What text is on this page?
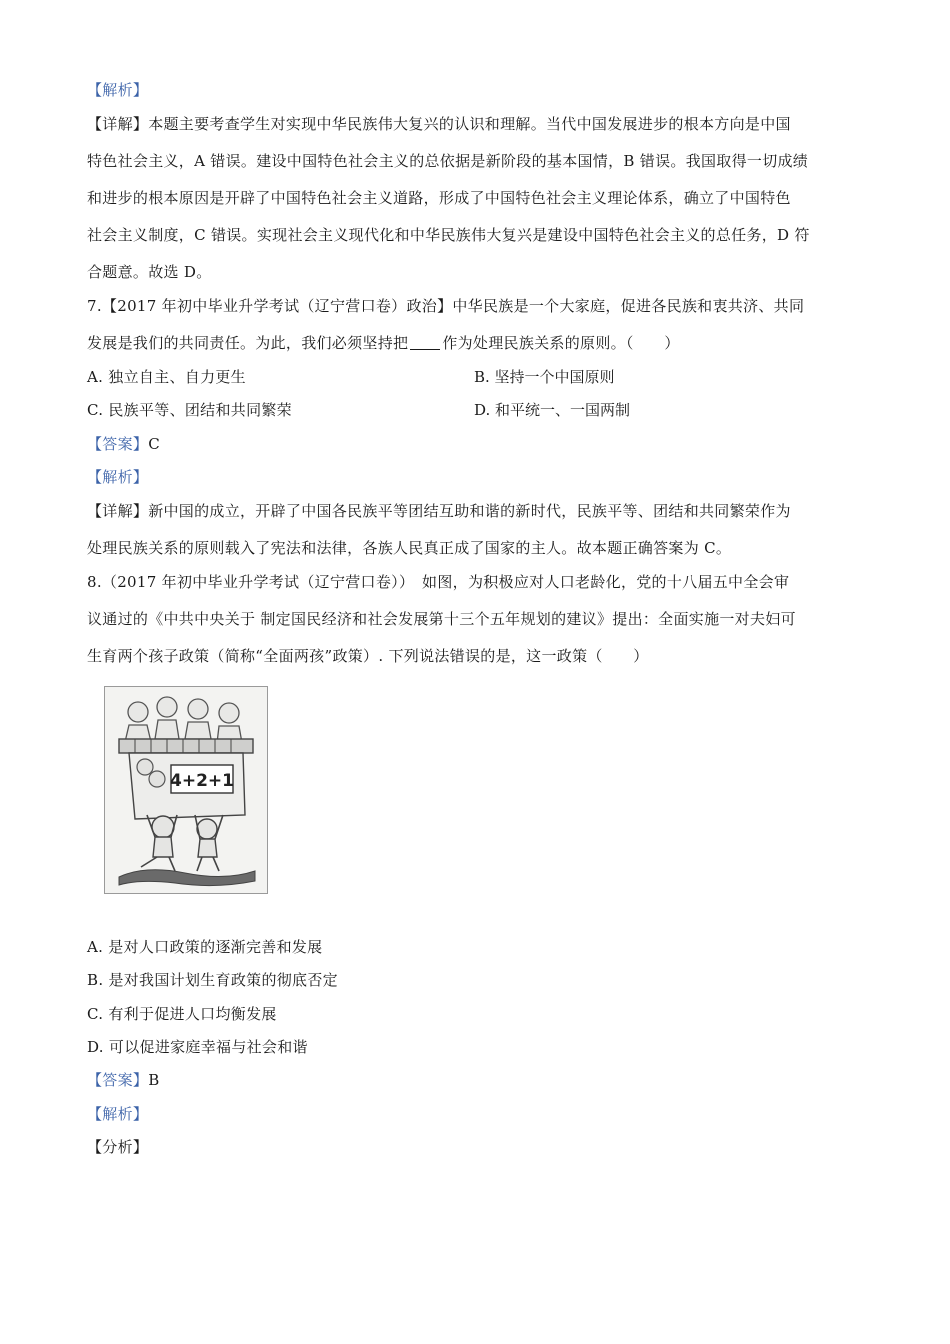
【解析】
【详解】本题主要考查学生对实现中华民族伟大复兴的认识和理解。当代中国发展进步的根本方向是中国
特色社会主义，A 错误。建设中国特色社会主义的总依据是新阶段的基本国情，B 错误。我国取得一切成绩
和进步的根本原因是开辟了中国特色社会主义道路，形成了中国特色社会主义理论体系，确立了中国特色
社会主义制度，C 错误。实现社会主义现代化和中华民族伟大复兴是建设中国特色社会主义的总任务，D 符
合题意。故选 D。
7.【2017 年初中毕业升学考试（辽宁营口卷）政治】中华民族是一个大家庭，促进各民族和衷共济、共同
发展是我们的共同责任。为此，我们必须坚持把 作为处理民族关系的原则。（　　）
A. 独立自主、自力更生	B. 坚持一个中国原则
C. 民族平等、团结和共同繁荣	D. 和平统一、一国两制
【答案】C
【解析】
【详解】新中国的成立，开辟了中国各民族平等团结互助和谐的新时代，民族平等、团结和共同繁荣作为
处理民族关系的原则载入了宪法和法律，各族人民真正成了国家的主人。故本题正确答案为 C。
8.（2017 年初中毕业升学考试（辽宁营口卷））　如图，为积极应对人口老龄化，党的十八届五中全会审
议通过的《中共中央关于 制定国民经济和社会发展第十三个五年规划的建议》提出：全面实施一对夫妇可
生育两个孩子政策（简称“全面两孩”政策）. 下列说法错误的是，这一政策（　　）
4+2+1
A. 是对人口政策的逐渐完善和发展
B. 是对我国计划生育政策的彻底否定
C. 有利于促进人口均衡发展
D. 可以促进家庭幸福与社会和谐
【答案】B
【解析】
【分析】
